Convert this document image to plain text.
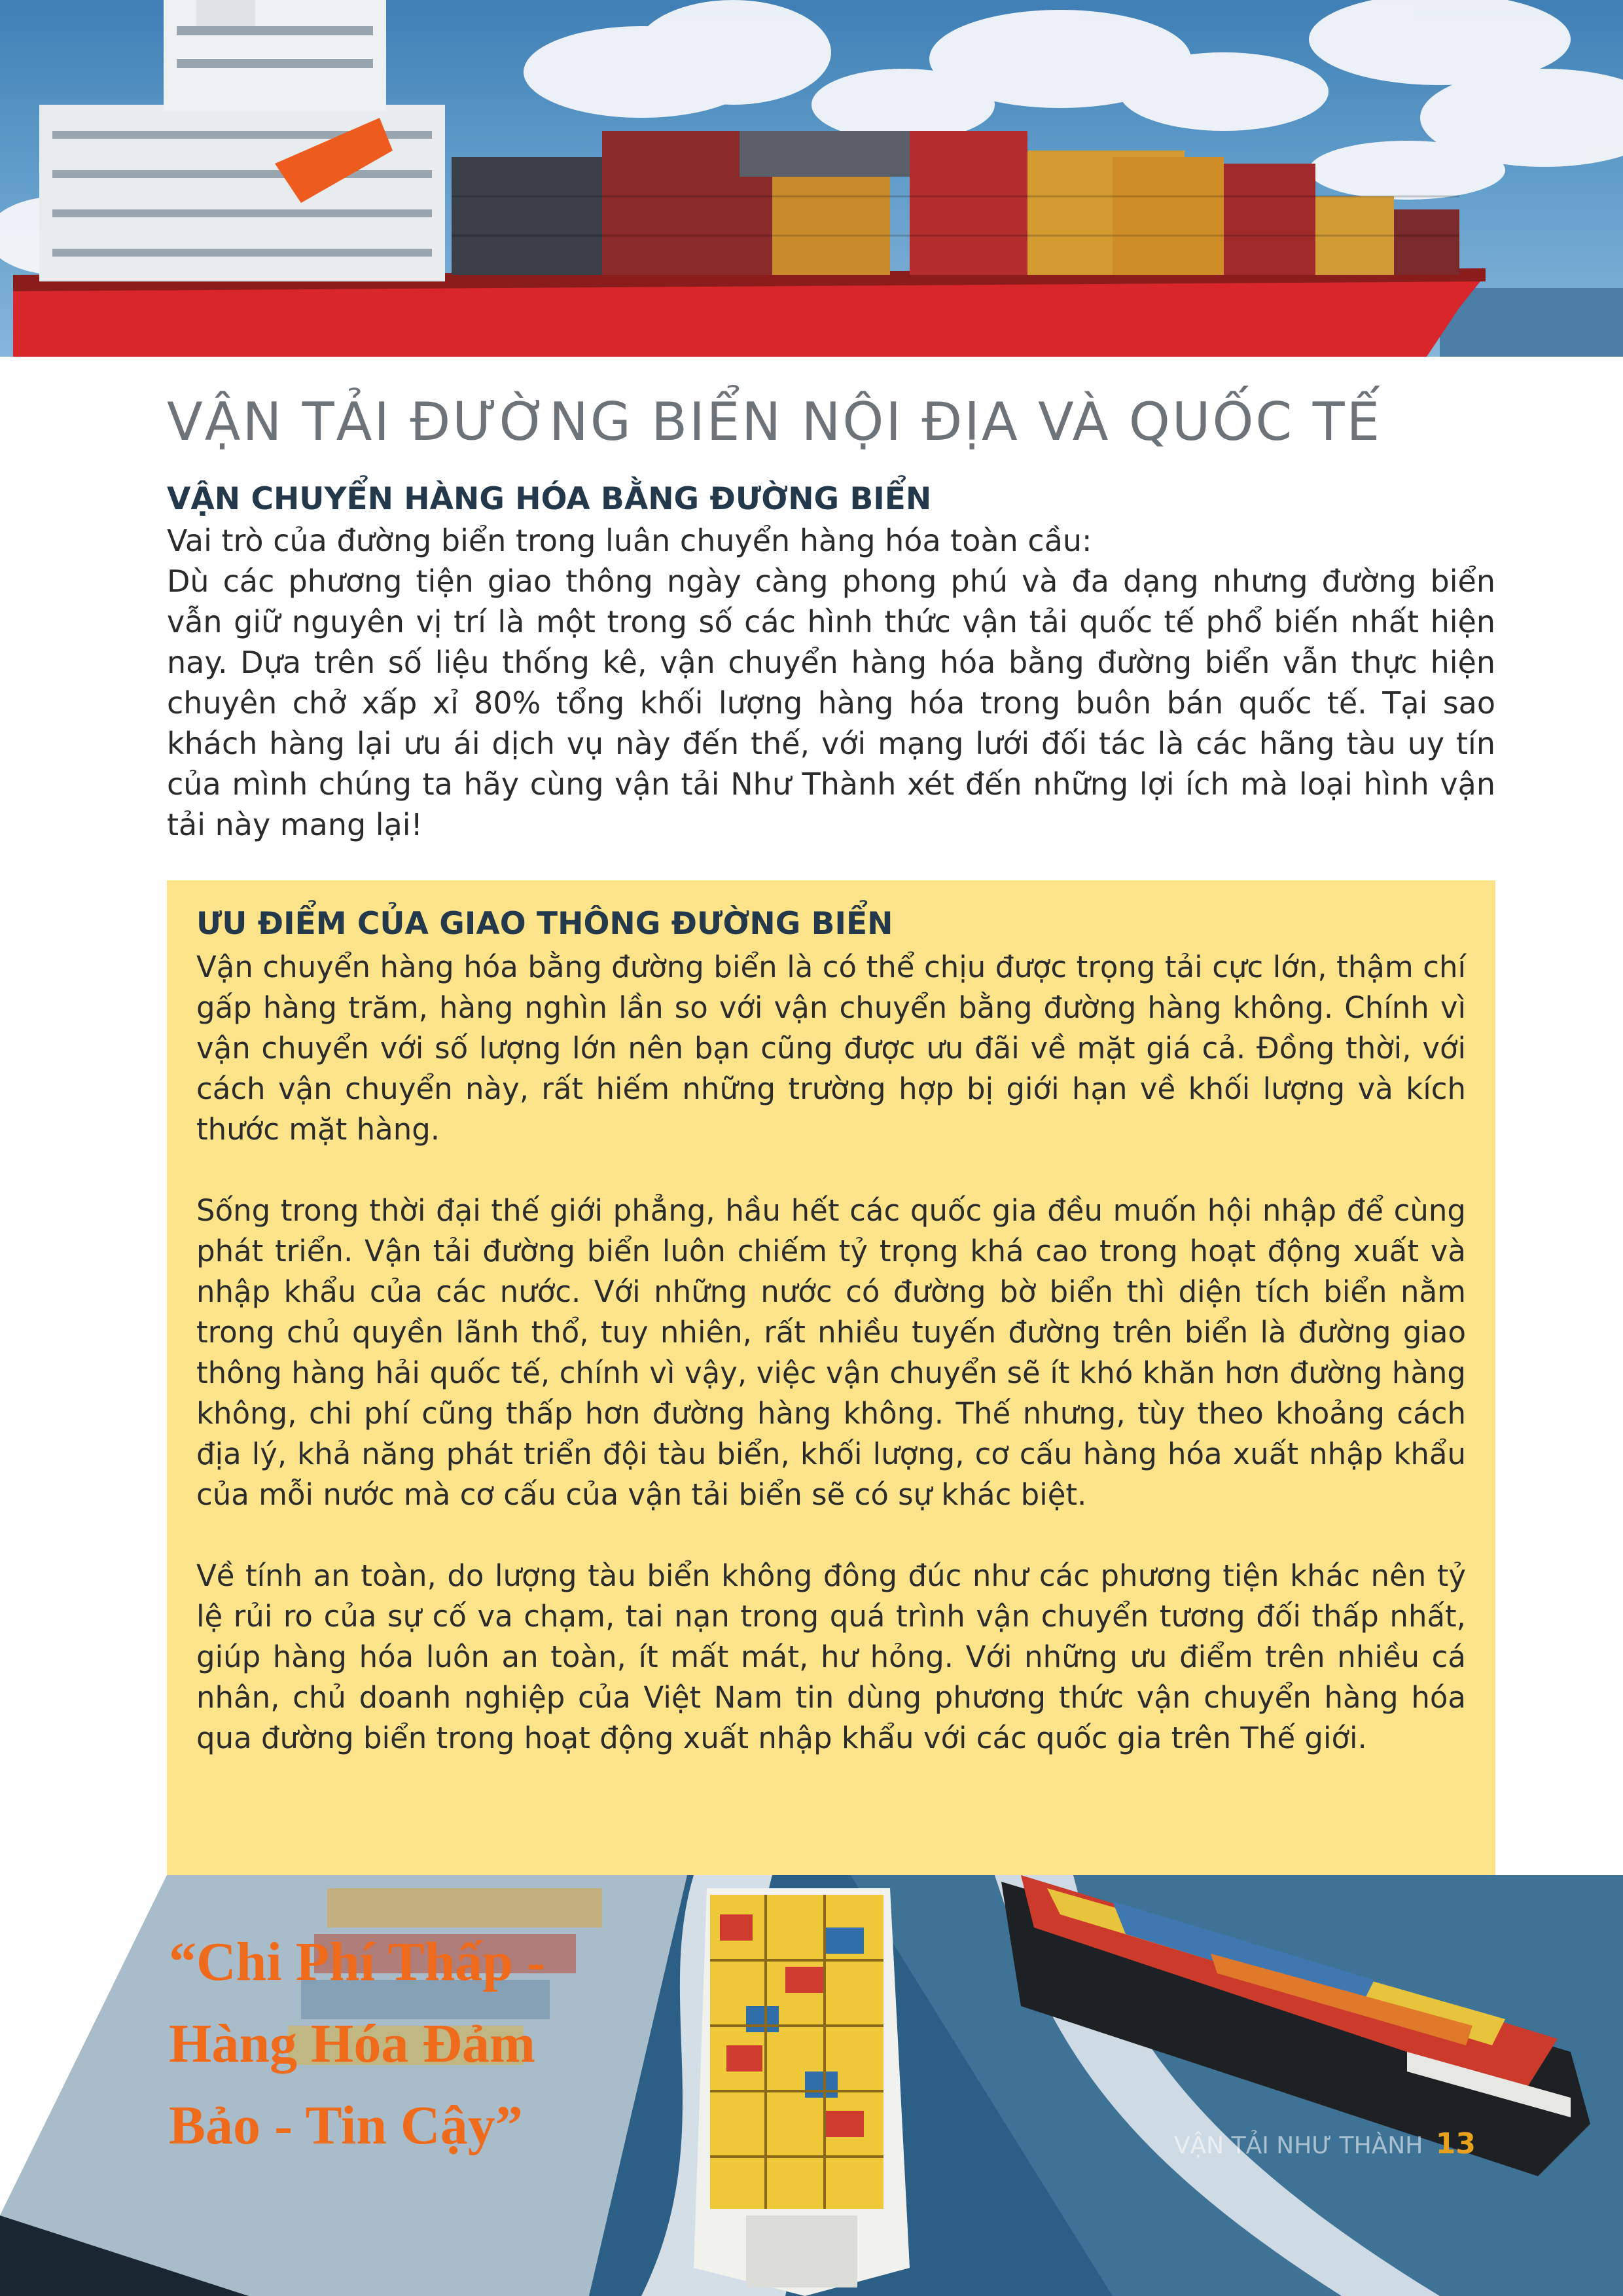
VẬN TẢI ĐƯỜNG BIỂN NỘI ĐỊA VÀ QUỐC TẾ
VẬN CHUYỂN HÀNG HÓA BẰNG ĐƯỜNG BIỂN

Vai trò của đường biển trong luân chuyển hàng hóa toàn cầu:

Dù các phương tiện giao thông ngày càng phong phú và đa dạng nhưng đường biển vẫn giữ nguyên vị trí là một trong số các hình thức vận tải quốc tế phổ biến nhất hiện nay. Dựa trên số liệu thống kê, vận chuyển hàng hóa bằng đường biển vẫn thực hiện chuyên chở xấp xỉ 80% tổng khối lượng hàng hóa trong buôn bán quốc tế. Tại sao khách hàng lại ưu ái dịch vụ này đến thế, với mạng lưới đối tác là các hãng tàu uy tín của mình chúng ta hãy cùng vận tải Như Thành xét đến những lợi ích mà loại hình vận tải này mang lại!

ƯU ĐIỂM CỦA GIAO THÔNG ĐƯỜNG BIỂN

Vận chuyển hàng hóa bằng đường biển là có thể chịu được trọng tải cực lớn, thậm chí gấp hàng trăm, hàng nghìn lần so với vận chuyển bằng đường hàng không. Chính vì vận chuyển với số lượng lớn nên bạn cũng được ưu đãi về mặt giá cả. Đồng thời, với cách vận chuyển này, rất hiếm những trường hợp bị giới hạn về khối lượng và kích thước mặt hàng.

Sống trong thời đại thế giới phẳng, hầu hết các quốc gia đều muốn hội nhập để cùng phát triển. Vận tải đường biển luôn chiếm tỷ trọng khá cao trong hoạt động xuất và nhập khẩu của các nước. Với những nước có đường bờ biển thì diện tích biển nằm trong chủ quyền lãnh thổ, tuy nhiên, rất nhiều tuyến đường trên biển là đường giao thông hàng hải quốc tế, chính vì vậy, việc vận chuyển sẽ ít khó khăn hơn đường hàng không, chi phí cũng thấp hơn đường hàng không. Thế nhưng, tùy theo khoảng cách địa lý, khả năng phát triển đội tàu biển, khối lượng, cơ cấu hàng hóa xuất nhập khẩu của mỗi nước mà cơ cấu của vận tải biển sẽ có sự khác biệt.

Về tính an toàn, do lượng tàu biển không đông đúc như các phương tiện khác nên tỷ lệ rủi ro của sự cố va chạm, tai nạn trong quá trình vận chuyển tương đối thấp nhất, giúp hàng hóa luôn an toàn, ít mất mát, hư hỏng. Với những ưu điểm trên nhiều cá nhân, chủ doanh nghiệp của Việt Nam tin dùng phương thức vận chuyển hàng hóa qua đường biển trong hoạt động xuất nhập khẩu với các quốc gia trên Thế giới.

“Chi Phí Thấp -
Hàng Hóa Đảm
Bảo - Tin Cậy”	VẬN TẢI NHƯ THÀNH 13
